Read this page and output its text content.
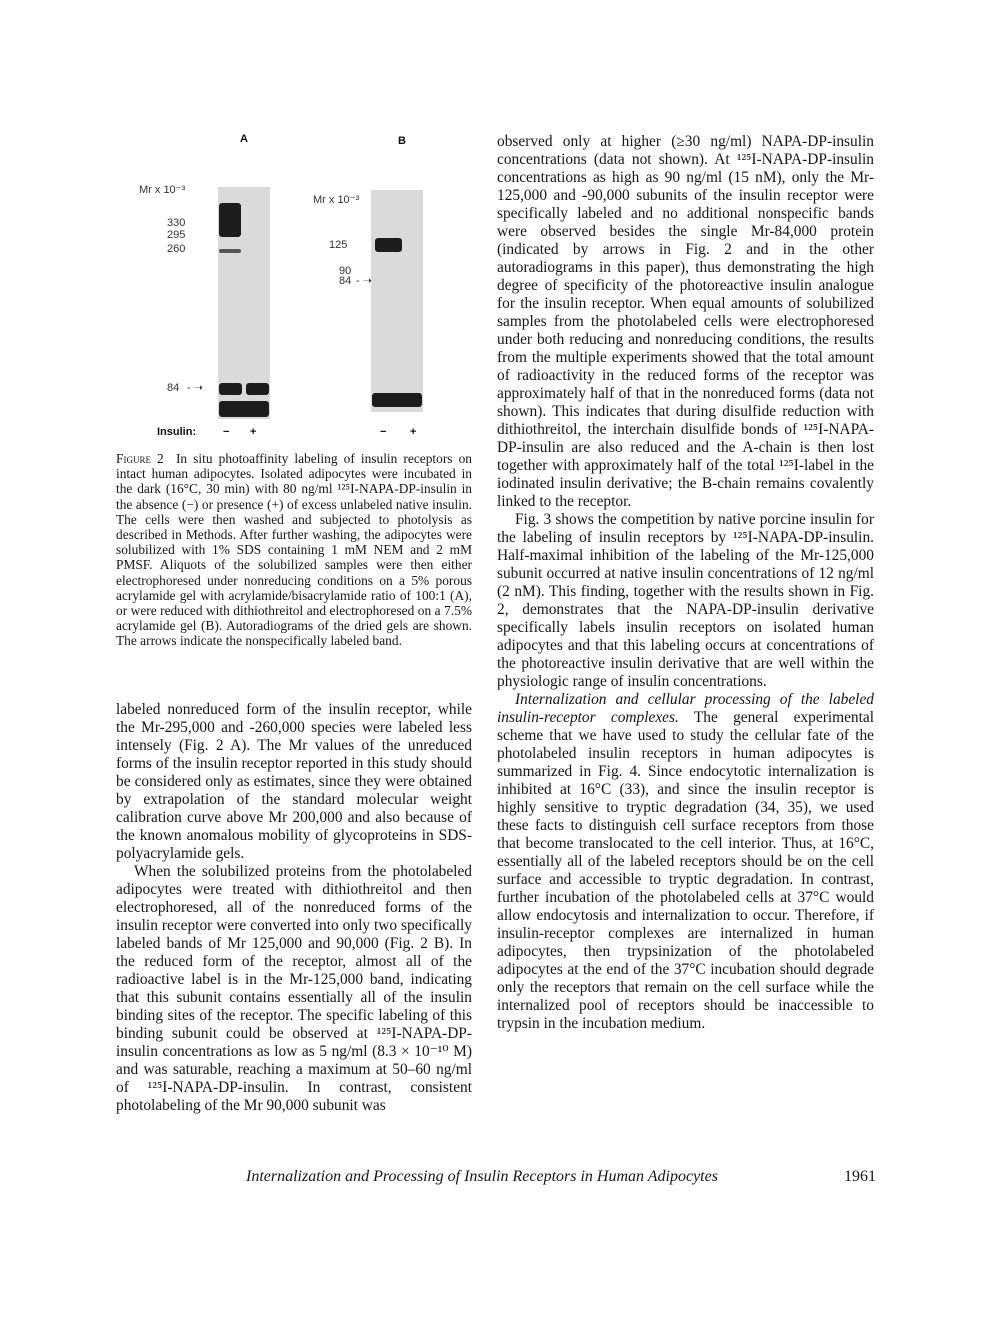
A
Mr x 10⁻³
330
295
260
84 - ➝
B
Mr x 10⁻³
125
90
84 - ➝
Insulin: − +	− +
Figure 2 In situ photoaffinity labeling of insulin receptors on intact human adipocytes. Isolated adipocytes were incubated in the dark (16°C, 30 min) with 80 ng/ml ¹²⁵I-NAPA-DP-insulin in the absence (−) or presence (+) of excess unlabeled native insulin. The cells were then washed and subjected to photolysis as described in Methods. After further washing, the adipocytes were solubilized with 1% SDS containing 1 mM NEM and 2 mM PMSF. Aliquots of the solubilized samples were then either electrophoresed under nonreducing conditions on a 5% porous acrylamide gel with acrylamide/bisacrylamide ratio of 100:1 (A), or were reduced with dithiothreitol and electrophoresed on a 7.5% acrylamide gel (B). Autoradiograms of the dried gels are shown. The arrows indicate the nonspecifically labeled band.

labeled nonreduced form of the insulin receptor, while the Mr-295,000 and -260,000 species were labeled less intensely (Fig. 2 A). The Mr values of the unreduced forms of the insulin receptor reported in this study should be considered only as estimates, since they were obtained by extrapolation of the standard molecular weight calibration curve above Mr 200,000 and also because of the known anomalous mobility of glycoproteins in SDS-polyacrylamide gels.

When the solubilized proteins from the photolabeled adipocytes were treated with dithiothreitol and then electrophoresed, all of the nonreduced forms of the insulin receptor were converted into only two specifically labeled bands of Mr 125,000 and 90,000 (Fig. 2 B). In the reduced form of the receptor, almost all of the radioactive label is in the Mr-125,000 band, indicating that this subunit contains essentially all of the insulin binding sites of the receptor. The specific labeling of this binding subunit could be observed at ¹²⁵I-NAPA-DP-insulin concentrations as low as 5 ng/ml (8.3 × 10⁻¹⁰ M) and was saturable, reaching a maximum at 50–60 ng/ml of ¹²⁵I-NAPA-DP-insulin. In contrast, consistent photolabeling of the Mr 90,000 subunit was

observed only at higher (≥30 ng/ml) NAPA-DP-insulin concentrations (data not shown). At ¹²⁵I-NAPA-DP-insulin concentrations as high as 90 ng/ml (15 nM), only the Mr-125,000 and -90,000 subunits of the insulin receptor were specifically labeled and no additional nonspecific bands were observed besides the single Mr-84,000 protein (indicated by arrows in Fig. 2 and in the other autoradiograms in this paper), thus demonstrating the high degree of specificity of the photoreactive insulin analogue for the insulin receptor. When equal amounts of solubilized samples from the photolabeled cells were electrophoresed under both reducing and nonreducing conditions, the results from the multiple experiments showed that the total amount of radioactivity in the reduced forms of the receptor was approximately half of that in the nonreduced forms (data not shown). This indicates that during disulfide reduction with dithiothreitol, the interchain disulfide bonds of ¹²⁵I-NAPA-DP-insulin are also reduced and the A-chain is then lost together with approximately half of the total ¹²⁵I-label in the iodinated insulin derivative; the B-chain remains covalently linked to the receptor.

Fig. 3 shows the competition by native porcine insulin for the labeling of insulin receptors by ¹²⁵I-NAPA-DP-insulin. Half-maximal inhibition of the labeling of the Mr-125,000 subunit occurred at native insulin concentrations of 12 ng/ml (2 nM). This finding, together with the results shown in Fig. 2, demonstrates that the NAPA-DP-insulin derivative specifically labels insulin receptors on isolated human adipocytes and that this labeling occurs at concentrations of the photoreactive insulin derivative that are well within the physiologic range of insulin concentrations.

Internalization and cellular processing of the labeled insulin-receptor complexes. The general experimental scheme that we have used to study the cellular fate of the photolabeled insulin receptors in human adipocytes is summarized in Fig. 4. Since endocytotic internalization is inhibited at 16°C (33), and since the insulin receptor is highly sensitive to tryptic degradation (34, 35), we used these facts to distinguish cell surface receptors from those that become translocated to the cell interior. Thus, at 16°C, essentially all of the labeled receptors should be on the cell surface and accessible to tryptic degradation. In contrast, further incubation of the photolabeled cells at 37°C would allow endocytosis and internalization to occur. Therefore, if insulin-receptor complexes are internalized in human adipocytes, then trypsinization of the photolabeled adipocytes at the end of the 37°C incubation should degrade only the receptors that remain on the cell surface while the internalized pool of receptors should be inaccessible to trypsin in the incubation medium.

Internalization and Processing of Insulin Receptors in Human Adipocytes	1961
